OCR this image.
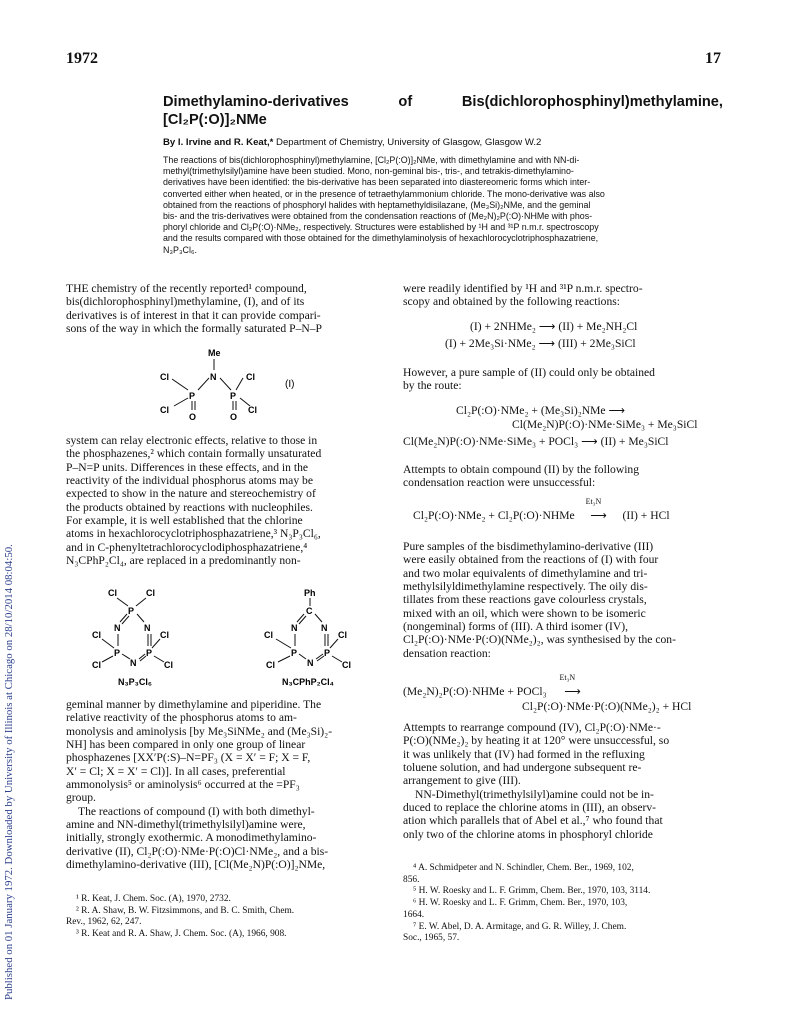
Published on 01 January 1972. Downloaded by University of Illinois at Chicago on 28/10/2014 08:04:50.
1972	17
Dimethylamino-derivatives	of	Bis(dichlorophosphinyl)methylamine,
[Cl₂P(:O)]₂NMe
By I. Irvine and R. Keat,* Department of Chemistry, University of Glasgow, Glasgow W.2
The reactions of bis(dichlorophosphinyl)methylamine, [Cl₂P(:O)]₂NMe, with dimethylamine and with NN-di-
methyl(trimethylsilyl)amine have been studied. Mono, non-geminal bis-, tris-, and tetrakis-dimethylamino-
derivatives have been identified: the bis-derivative has been separated into diastereomeric forms which inter-
converted either when heated, or in the presence of tetraethylammonium chloride. The mono-derivative was also
obtained from the reactions of phosphoryl halides with heptamethyldisilazane, (Me₃Si)₂NMe, and the geminal
bis- and the tris-derivatives were obtained from the condensation reactions of (Me₂N)₂P(:O)·NHMe with phos-
phoryl chloride and Cl₂P(:O)·NMe₂, respectively. Structures were established by ¹H and ³¹P n.m.r. spectroscopy
and the results compared with those obtained for the dimethylaminolysis of hexachlorocyclotriphosphazatriene,
N₃P₃Cl₆.
THE chemistry of the recently reported¹ compound,
bis(dichlorophosphinyl)methylamine, (I), and of its
derivatives is of interest in that it can provide compari-
sons of the way in which the formally saturated P–N–P
Me
N
Cl	Cl
P	P
Cl	Cl
O	O
(I)
system can relay electronic effects, relative to those in
the phosphazenes,² which contain formally unsaturated
P–N=P units. Differences in these effects, and in the
reactivity of the individual phosphorus atoms may be
expected to show in the nature and stereochemistry of
the products obtained by reactions with nucleophiles.
For example, it is well established that the chlorine
atoms in hexachlorocyclotriphosphazatriene,³ N₃P₃Cl₆,
and in C-phenyltetrachlorocyclodiphosphazatriene,⁴
N₃CPhP₂Cl₄, are replaced in a predominantly non-
Cl	Cl
P
N	N
Cl	Cl
P	P
N
Cl	Cl
N₃P₃Cl₆
Ph
C
N	N
Cl	Cl
P	P
N
Cl	Cl
N₃CPhP₂Cl₄
geminal manner by dimethylamine and piperidine. The
relative reactivity of the phosphorus atoms to am-
monolysis and aminolysis [by Me₃SiNMe₂ and (Me₃Si)₂-
NH] has been compared in only one group of linear
phosphazenes [XX′P(:S)–N=PF₃ (X = X′ = F; X = F,
X′ = Cl; X = X′ = Cl)]. In all cases, preferential
ammonolysis⁵ or aminolysis⁶ occurred at the =PF₃
group.
The reactions of compound (I) with both dimethyl-
amine and NN-dimethyl(trimethylsilyl)amine were,
initially, strongly exothermic. A monodimethylamino-
derivative (II), Cl₂P(:O)·NMe·P(:O)Cl·NMe₂, and a bis-
dimethylamino-derivative (III), [Cl(Me₂N)P(:O)]₂NMe,
¹ R. Keat, J. Chem. Soc. (A), 1970, 2732.
² R. A. Shaw, B. W. Fitzsimmons, and B. C. Smith, Chem.
Rev., 1962, 62, 247.
³ R. Keat and R. A. Shaw, J. Chem. Soc. (A), 1966, 908.
were readily identified by ¹H and ³¹P n.m.r. spectro-
scopy and obtained by the following reactions:
(I) + 2NHMe₂ ⟶ (II) + Me₂NH₂Cl
(I) + 2Me₃Si·NMe₂ ⟶ (III) + 2Me₃SiCl
However, a pure sample of (II) could only be obtained
by the route:
Cl₂P(:O)·NMe₂ + (Me₃Si)₂NMe ⟶
Cl(Me₂N)P(:O)·NMe·SiMe₃ + Me₃SiCl
Cl(Me₂N)P(:O)·NMe·SiMe₃ + POCl₃ ⟶ (II) + Me₃SiCl
Attempts to obtain compound (II) by the following
condensation reaction were unsuccessful:
Cl₂P(:O)·NMe₂ + Cl₂P(:O)·NHMe
Et₃N
⟶ (II) + HCl
Pure samples of the bisdimethylamino-derivative (III)
were easily obtained from the reactions of (I) with four
and two molar equivalents of dimethylamine and tri-
methylsilyldimethylamine respectively. The oily dis-
tillates from these reactions gave colourless crystals,
mixed with an oil, which were shown to be isomeric
(nongeminal) forms of (III). A third isomer (IV),
Cl₂P(:O)·NMe·P(:O)(NMe₂)₂, was synthesised by the con-
densation reaction:
(Me₂N)₂P(:O)·NHMe + POCl₃
Et₃N
⟶
Cl₂P(:O)·NMe·P(:O)(NMe₂)₂ + HCl
Attempts to rearrange compound (IV), Cl₂P(:O)·NMe·-
P(:O)(NMe₂)₂ by heating it at 120° were unsuccessful, so
it was unlikely that (IV) had formed in the refluxing
toluene solution, and had undergone subsequent re-
arrangement to give (III).
NN-Dimethyl(trimethylsilyl)amine could not be in-
duced to replace the chlorine atoms in (III), an observ-
ation which parallels that of Abel et al.,⁷ who found that
only two of the chlorine atoms in phosphoryl chloride
⁴ A. Schmidpeter and N. Schindler, Chem. Ber., 1969, 102,
856.
⁵ H. W. Roesky and L. F. Grimm, Chem. Ber., 1970, 103, 3114.
⁶ H. W. Roesky and L. F. Grimm, Chem. Ber., 1970, 103,
1664.
⁷ E. W. Abel, D. A. Armitage, and G. R. Willey, J. Chem.
Soc., 1965, 57.
